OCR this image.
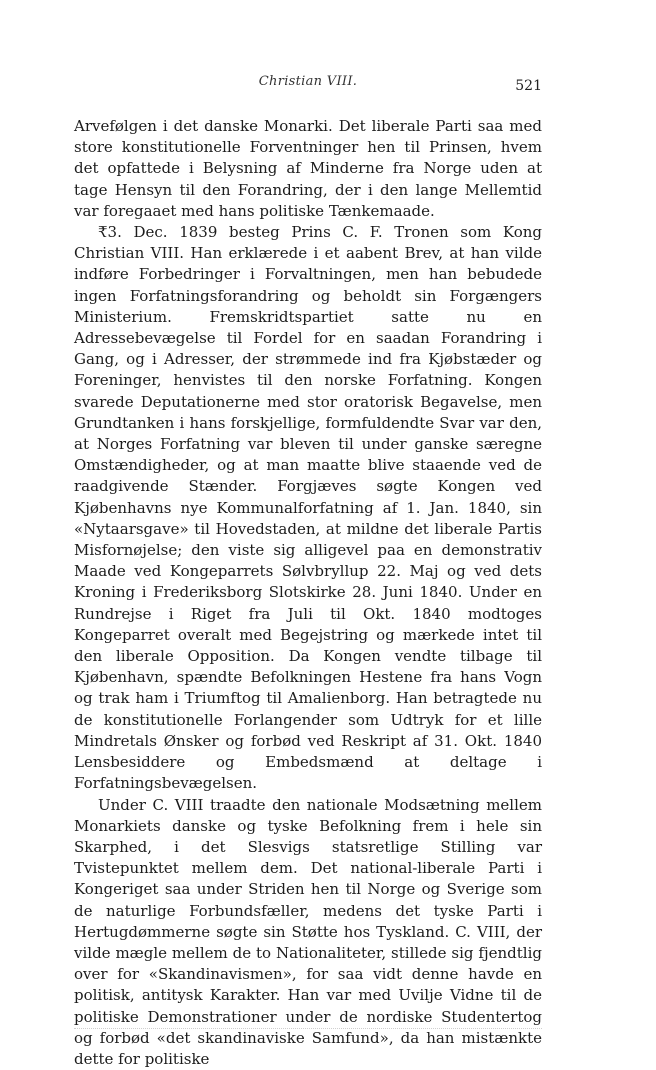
Christian VIII.	521

Arvefølgen i det danske Monarki. Det liberale Parti saa med store konstitutionelle Forventninger hen til Prinsen, hvem det opfattede i Belysning af Minderne fra Norge uden at tage Hensyn til den Forandring, der i den lange Mellemtid var foregaaet med hans politiske Tænkemaade.

₹3. Dec. 1839 besteg Prins C. F. Tronen som Kong Christian VIII. Han erklærede i et aabent Brev, at han vilde indføre Forbedringer i Forvaltningen, men han bebudede ingen Forfatningsforandring og beholdt sin Forgængers Ministerium. Fremskridtspartiet satte nu en Adressebevægelse til Fordel for en saadan Forandring i Gang, og i Adresser, der strømmede ind fra Kjøbstæder og Foreninger, henvistes til den norske Forfatning. Kongen svarede Deputationerne med stor oratorisk Begavelse, men Grundtanken i hans forskjellige, formfuldendte Svar var den, at Norges Forfatning var bleven til under ganske særegne Omstændigheder, og at man maatte blive staaende ved de raadgivende Stænder. Forgjæves søgte Kongen ved Kjøbenhavns nye Kommunalforfatning af 1. Jan. 1840, sin «Nytaarsgave» til Hovedstaden, at mildne det liberale Partis Misfornøjelse; den viste sig alligevel paa en demonstrativ Maade ved Kongeparrets Sølvbryllup 22. Maj og ved dets Kroning i Frederiksborg Slotskirke 28. Juni 1840. Under en Rundrejse i Riget fra Juli til Okt. 1840 modtoges Kongeparret overalt med Begejstring og mærkede intet til den liberale Opposition. Da Kongen vendte tilbage til Kjøbenhavn, spændte Befolkningen Hestene fra hans Vogn og trak ham i Triumftog til Amalienborg. Han betragtede nu de konstitutionelle Forlangender som Udtryk for et lille Mindretals Ønsker og forbød ved Reskript af 31. Okt. 1840 Lensbesiddere og Embedsmænd at deltage i Forfatningsbevægelsen.

Under C. VIII traadte den nationale Modsætning mellem Monarkiets danske og tyske Befolkning frem i hele sin Skarphed, i det Slesvigs statsretlige Stilling var Tvistepunktet mellem dem. Det national-liberale Parti i Kongeriget saa under Striden hen til Norge og Sverige som de naturlige Forbundsfæller, medens det tyske Parti i Hertugdømmerne søgte sin Støtte hos Tyskland. C. VIII, der vilde mægle mellem de to Nationaliteter, stillede sig fjendtlig over for «Skandinavismen», for saa vidt denne havde en politisk, antitysk Karakter. Han var med Uvilje Vidne til de politiske Demonstrationer under de nordiske Studentertog og forbød «det skandinaviske Samfund», da han mistænkte dette for politiske
